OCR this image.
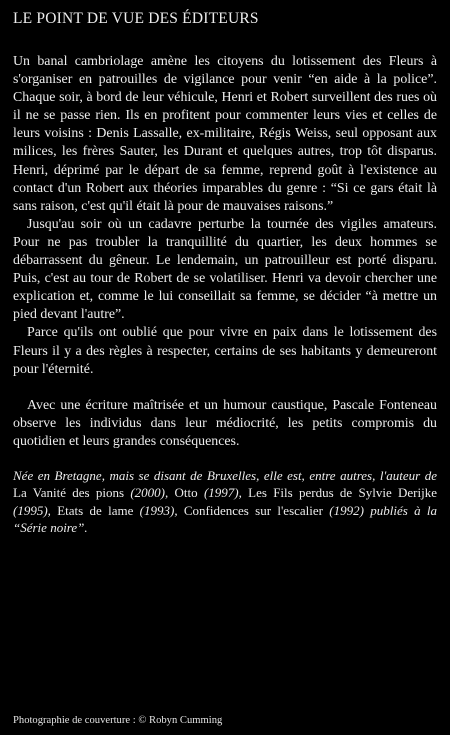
LE POINT DE VUE DES ÉDITEURS

Un banal cambriolage amène les citoyens du lotissement des Fleurs à s'organiser en patrouilles de vigilance pour venir “en aide à la police”. Chaque soir, à bord de leur véhicule, Henri et Robert surveillent des rues où il ne se passe rien. Ils en profitent pour commenter leurs vies et celles de leurs voisins : Denis Lassalle, ex-militaire, Régis Weiss, seul opposant aux milices, les frères Sauter, les Durant et quelques autres, trop tôt disparus. Henri, déprimé par le départ de sa femme, reprend goût à l'existence au contact d'un Robert aux théories imparables du genre : “Si ce gars était là sans raison, c'est qu'il était là pour de mauvaises raisons.”

Jusqu'au soir où un cadavre perturbe la tournée des vigiles amateurs. Pour ne pas troubler la tranquillité du quartier, les deux hommes se débarrassent du gêneur. Le lendemain, un patrouilleur est porté disparu. Puis, c'est au tour de Robert de se volatiliser. Henri va devoir chercher une explication et, comme le lui conseillait sa femme, se décider “à mettre un pied devant l'autre”.

Parce qu'ils ont oublié que pour vivre en paix dans le lotissement des Fleurs il y a des règles à respecter, certains de ses habitants y demeureront pour l'éternité.

Avec une écriture maîtrisée et un humour caustique, Pascale Fonteneau observe les individus dans leur médiocrité, les petits compromis du quotidien et leurs grandes conséquences.

Née en Bretagne, mais se disant de Bruxelles, elle est, entre autres, l'auteur de La Vanité des pions (2000), Otto (1997), Les Fils perdus de Sylvie Derijke (1995), Etats de lame (1993), Confidences sur l'escalier (1992) publiés à la “Série noire”.
Photographie de couverture : © Robyn Cumming
